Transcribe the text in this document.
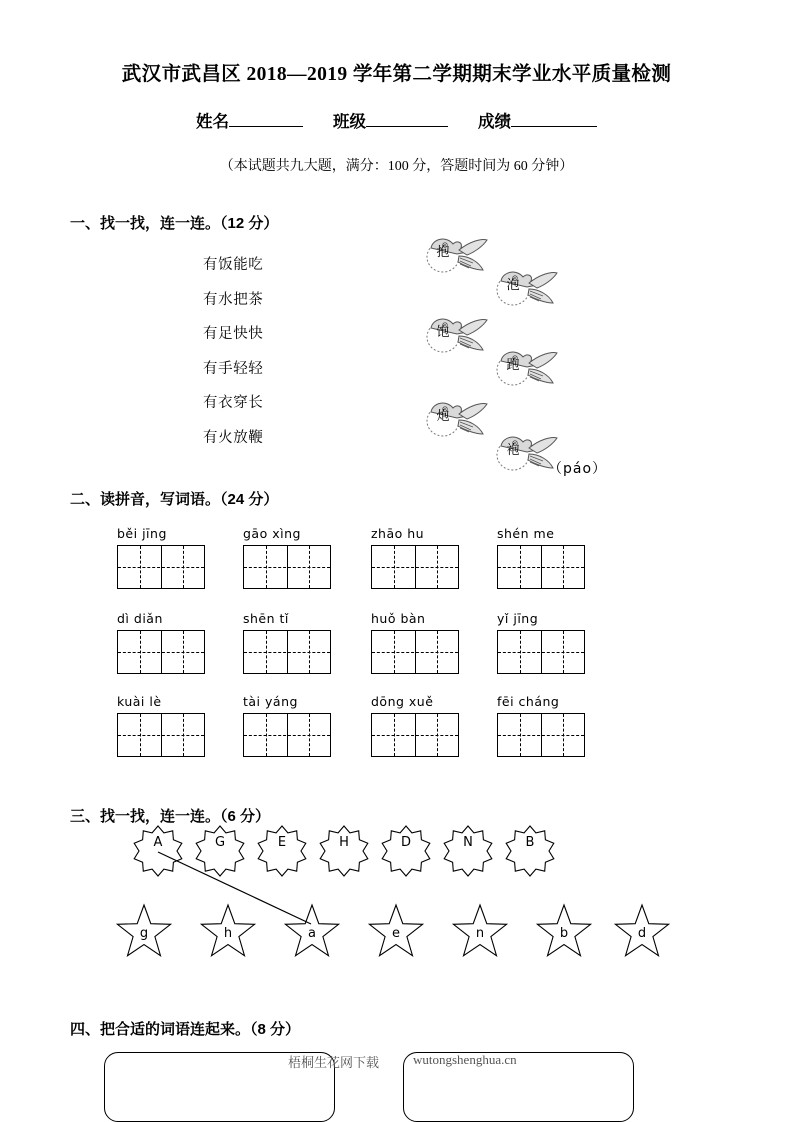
武汉市武昌区 2018—2019 学年第二学期期末学业水平质量检测
姓名	班级	成绩
（本试题共九大题，满分：100 分，答题时间为 60 分钟）
一、找一找，连一连。（12 分）
有饭能吃
有水把茶
有足快快
有手轻轻
有衣穿长
有火放鞭
抱
泡
饱
跑
炮
袍
（páo）
二、读拼音，写词语。（24 分）
běi jīng	gāo xìng	zhāo hu	shén me
dì diǎn	shēn tǐ	huǒ bàn	yǐ jīng
kuài lè	tài yáng	dōng xuě	fēi cháng
三、找一找，连一连。（6 分）
A	G	E	H	D	N	B
g	h	a	e	n	b	d
四、把合适的词语连起来。（8 分）
梧桐生花网下载	wutongshenghua.cn
